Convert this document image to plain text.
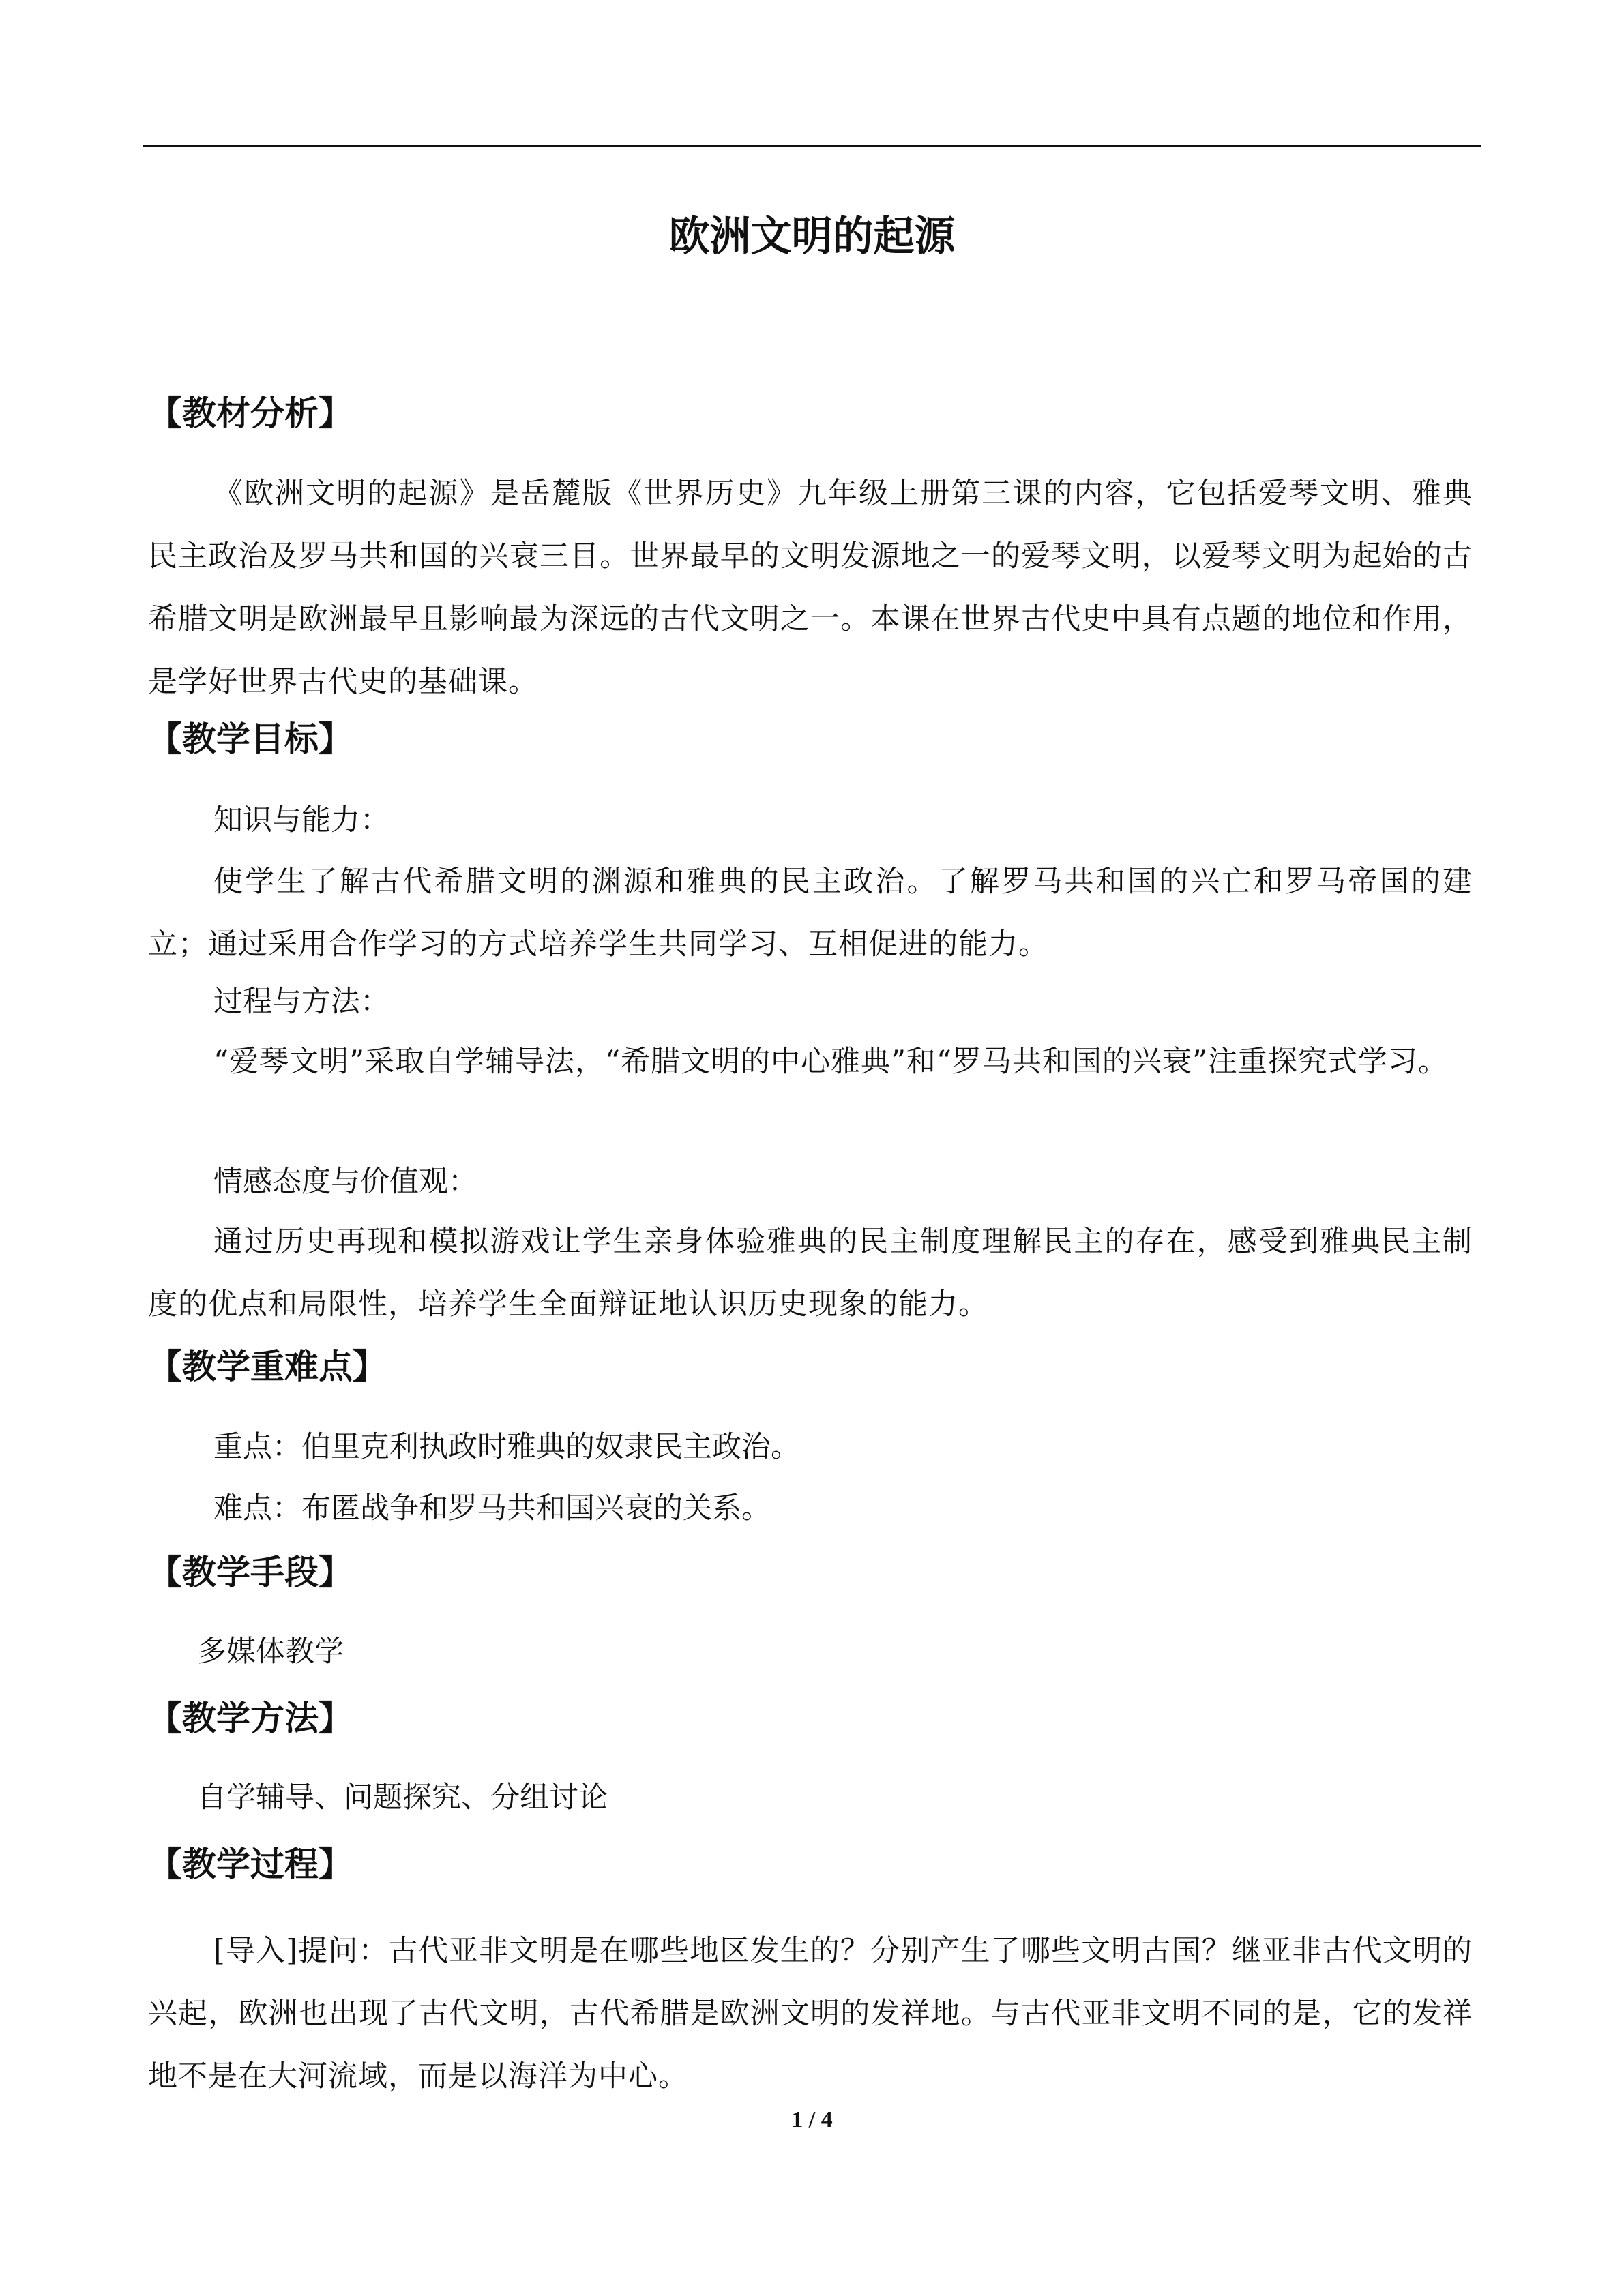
欧洲文明的起源
【教材分析】
《欧洲文明的起源》是岳麓版《世界历史》九年级上册第三课的内容，它包括爱琴文明、雅典民主政治及罗马共和国的兴衰三目。世界最早的文明发源地之一的爱琴文明，以爱琴文明为起始的古希腊文明是欧洲最早且影响最为深远的古代文明之一。本课在世界古代史中具有点题的地位和作用，是学好世界古代史的基础课。
【教学目标】
知识与能力：
使学生了解古代希腊文明的渊源和雅典的民主政治。了解罗马共和国的兴亡和罗马帝国的建立；通过采用合作学习的方式培养学生共同学习、互相促进的能力。
过程与方法：
“爱琴文明”采取自学辅导法，“希腊文明的中心雅典”和“罗马共和国的兴衰”注重探究式学习。
情感态度与价值观：
通过历史再现和模拟游戏让学生亲身体验雅典的民主制度理解民主的存在，感受到雅典民主制度的优点和局限性，培养学生全面辩证地认识历史现象的能力。
【教学重难点】
重点：伯里克利执政时雅典的奴隶民主政治。
难点：布匿战争和罗马共和国兴衰的关系。
【教学手段】
多媒体教学
【教学方法】
自学辅导、问题探究、分组讨论
【教学过程】
[导入]提问：古代亚非文明是在哪些地区发生的？分别产生了哪些文明古国？继亚非古代文明的兴起，欧洲也出现了古代文明，古代希腊是欧洲文明的发祥地。与古代亚非文明不同的是，它的发祥地不是在大河流域，而是以海洋为中心。
1 / 4
